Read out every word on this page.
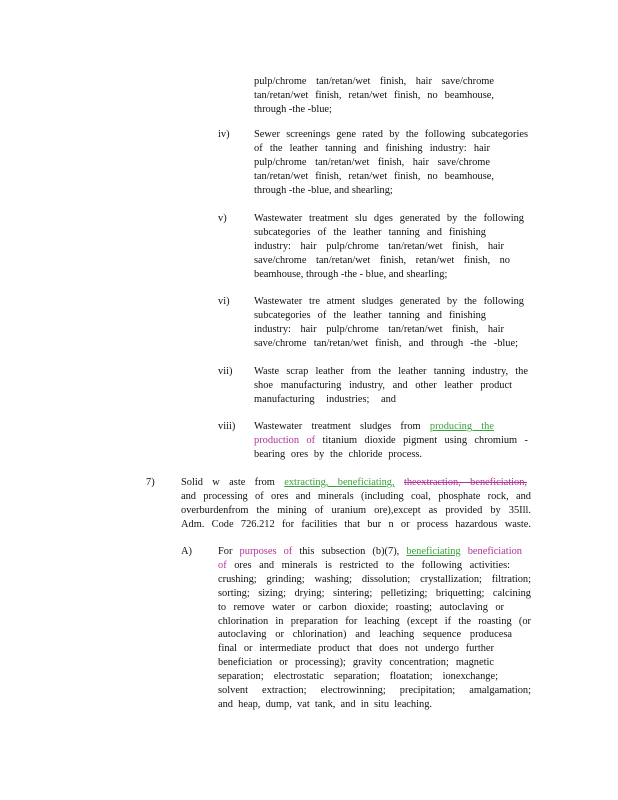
pulp/chrome tan/retan/wet finish, hair save/chrome
tan/retan/wet finish, retan/wet finish, no beamhouse,
through -the -blue;
iv) Sewer screenings gene rated by the following subcategories
of the leather tanning and finishing industry: hair
pulp/chrome tan/retan/wet finish, hair save/chrome
tan/retan/wet finish, retan/wet finish, no beamhouse,
through -the -blue, and shearling;
v)	Wastewater treatment slu dges generated by the following
subcategories of the leather tanning and finishing
industry: hair pulp/chrome tan/retan/wet finish, hair
save/chrome tan/retan/wet finish, retan/wet finish, no
beamhouse, through -the - blue, and shearling;
vi) Wastewater tre atment sludges generated by the following
subcategories of the leather tanning and finishing
industry: hair pulp/chrome tan/retan/wet finish, hair
save/chrome tan/retan/wet finish, and through -the -blue;
vii) Waste scrap leather from the leather tanning industry, the
shoe manufacturing industry, and other leather product
manufacturing industries; and
viii) Wastewater treatment sludges from producing the
production of titanium dioxide pigment using chromium -
bearing ores by the chloride process.
7)	Solid w aste from extracting, beneficiating, theextraction, beneficiation,
and processing of ores and minerals (including coal, phosphate rock, and
overburdenfrom the mining of uranium ore),except as provided by 35Ill.
Adm. Code 726.212 for facilities that bur n or process hazardous waste.
A)	For purposes of this subsection (b)(7), beneficiating beneficiation
of ores and minerals is restricted to the following activities:
crushing; grinding; washing; dissolution; crystallization; filtration;
sorting; sizing; drying; sintering; pelletizing; briquetting; calcining
to remove water or carbon dioxide; roasting; autoclaving or
chlorination in preparation for leaching (except if the roasting (or
autoclaving or chlorination) and leaching sequence producesa
final or intermediate product that does not undergo further
beneficiation or processing); gravity concentration; magnetic
separation; electrostatic separation; floatation; ionexchange;
solvent extraction; electrowinning; precipitation; amalgamation;
and heap, dump, vat tank, and in situ leaching.
